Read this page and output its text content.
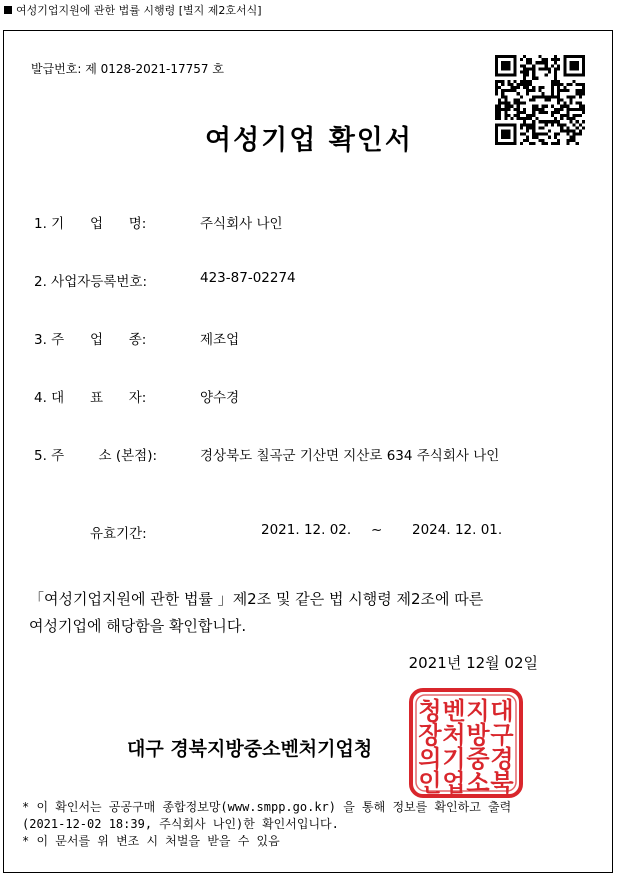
여성기업지원에 관한 법률 시행령 [별지 제2호서식]
발급번호: 제 0128-2021-17757 호
여성기업 확인서
1. 기      업      명:	주식회사 나인
2. 사업자등록번호:	423-87-02274
3. 주      업      종:	제조업
4. 대      표      자:	양수경
5. 주        소 (본점):	경상북도 칠곡군 기산면 지산로 634 주식회사 나인
유효기간:	2021. 12. 02. ~ 2024. 12. 01.
「여성기업지원에 관한 법률 」제2조 및 같은 법 시행령 제2조에 따른
여성기업에 해당함을 확인합니다.
2021년 12월 02일
대구 경북지방중소벤처기업청
대
구
경
북
지
방
중
소
벤
처
기
업
청
장
의
인
* 이 확인서는 공공구매 종합정보망(www.smpp.go.kr) 을 통해 정보를 확인하고 출력
(2021-12-02 18:39, 주식회사 나인)한 확인서입니다.
* 이 문서를 위 변조 시 처벌을 받을 수 있음
